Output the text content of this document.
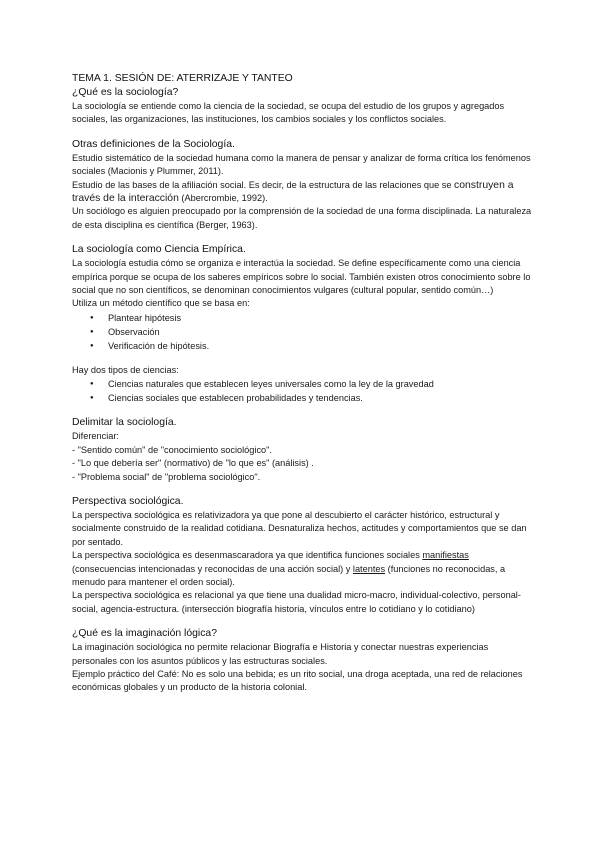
TEMA 1. SESIÓN DE: ATERRIZAJE Y TANTEO

¿Qué es la sociología?

La sociología se entiende como la ciencia de la sociedad, se ocupa del estudio de los grupos y agregados sociales, las organizaciones, las instituciones, los cambios sociales y los conflictos sociales.

Otras definiciones de la Sociología.

Estudio sistemático de la sociedad humana como la manera de pensar y analizar de forma crítica los fenómenos sociales (Macionis y Plummer, 2011).

Estudio de las bases de la afiliación social. Es decir, de la estructura de las relaciones que se construyen a través de la interacción (Abercrombie, 1992).

Un sociólogo es alguien preocupado por la comprensión de la sociedad de una forma disciplinada. La naturaleza de esta disciplina es científica (Berger, 1963).

La sociología como Ciencia Empírica.

La sociología estudia cómo se organiza e interactúa la sociedad. Se define específicamente como una ciencia empírica porque se ocupa de los saberes empíricos sobre lo social. También existen otros conocimiento sobre lo social que no son científicos, se denominan conocimientos vulgares (cultural popular, sentido común…)

Utiliza un método científico que se basa en:

● Plantear hipótesis
● Observación
● Verificación de hipótesis.

Hay dos tipos de ciencias:

● Ciencias naturales que establecen leyes universales como la ley de la gravedad
● Ciencias sociales que establecen probabilidades y tendencias.

Delimitar la sociología.

Diferenciar:

- "Sentido común" de "conocimiento sociológico".

- "Lo que debería ser" (normativo) de "lo que es" (análisis) .

- "Problema social" de "problema sociológico".

Perspectiva sociológica.

La perspectiva sociológica es relativizadora ya que pone al descubierto el carácter histórico, estructural y socialmente construido de la realidad cotidiana. Desnaturaliza hechos, actitudes y comportamientos que se dan por sentado.

La perspectiva sociológica es desenmascaradora ya que identifica funciones sociales manifiestas (consecuencias intencionadas y reconocidas de una acción social) y latentes (funciones no reconocidas, a menudo para mantener el orden social).

La perspectiva sociológica es relacional ya que tiene una dualidad micro-macro, individual-colectivo, personal-social, agencia-estructura. (intersección biografía historia, vínculos entre lo cotidiano y lo cotidiano)

¿Qué es la imaginación lógica?

La imaginación sociológica no permite relacionar Biografía e Historia y conectar nuestras experiencias personales con los asuntos públicos y las estructuras sociales.

Ejemplo práctico del Café: No es solo una bebida; es un rito social, una droga aceptada, una red de relaciones económicas globales y un producto de la historia colonial.
